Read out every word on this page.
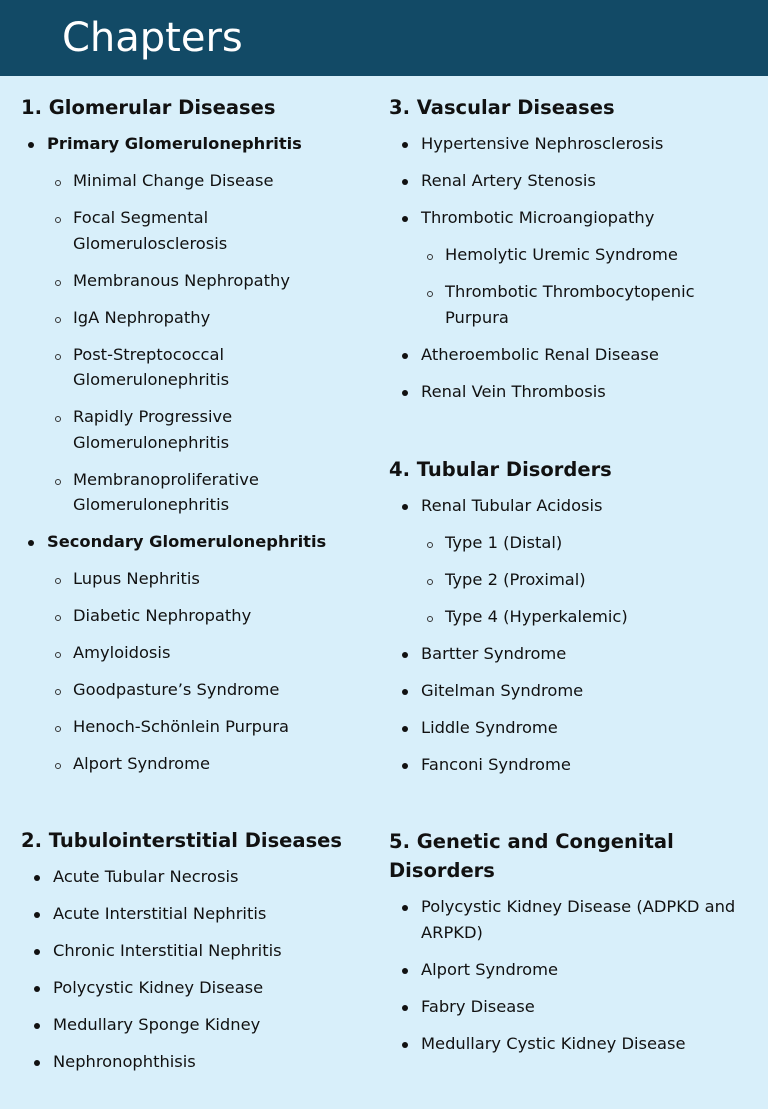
Chapters
1. Glomerular Diseases
Primary Glomerulonephritis
Minimal Change Disease
Focal Segmental Glomerulosclerosis
Membranous Nephropathy
IgA Nephropathy
Post-Streptococcal Glomerulonephritis
Rapidly Progressive Glomerulonephritis
Membranoproliferative Glomerulonephritis
Secondary Glomerulonephritis
Lupus Nephritis
Diabetic Nephropathy
Amyloidosis
Goodpasture’s Syndrome
Henoch-Schönlein Purpura
Alport Syndrome
2. Tubulointerstitial Diseases
Acute Tubular Necrosis
Acute Interstitial Nephritis
Chronic Interstitial Nephritis
Polycystic Kidney Disease
Medullary Sponge Kidney
Nephronophthisis
3. Vascular Diseases
Hypertensive Nephrosclerosis
Renal Artery Stenosis
Thrombotic Microangiopathy
Hemolytic Uremic Syndrome
Thrombotic Thrombocytopenic Purpura
Atheroembolic Renal Disease
Renal Vein Thrombosis
4. Tubular Disorders
Renal Tubular Acidosis
Type 1 (Distal)
Type 2 (Proximal)
Type 4 (Hyperkalemic)
Bartter Syndrome
Gitelman Syndrome
Liddle Syndrome
Fanconi Syndrome
5. Genetic and Congenital Disorders
Polycystic Kidney Disease (ADPKD and ARPKD)
Alport Syndrome
Fabry Disease
Medullary Cystic Kidney Disease
